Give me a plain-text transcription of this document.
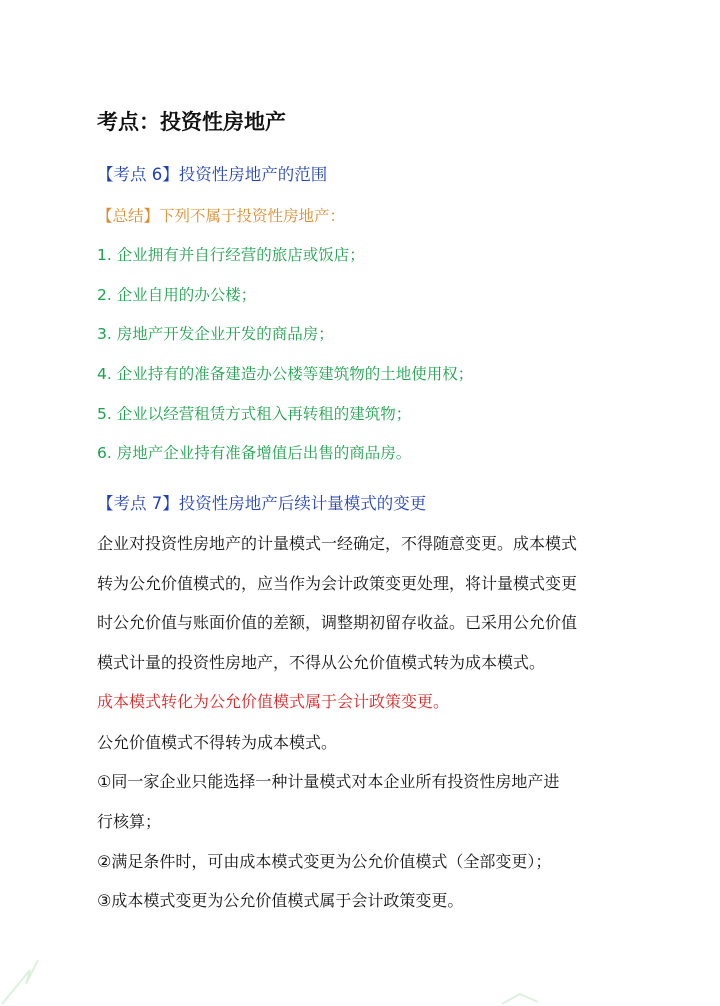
考点：投资性房地产
【考点 6】投资性房地产的范围
【总结】下列不属于投资性房地产：
1. 企业拥有并自行经营的旅店或饭店；
2. 企业自用的办公楼；
3. 房地产开发企业开发的商品房；
4. 企业持有的准备建造办公楼等建筑物的土地使用权；
5. 企业以经营租赁方式租入再转租的建筑物；
6. 房地产企业持有准备增值后出售的商品房。
【考点 7】投资性房地产后续计量模式的变更
企业对投资性房地产的计量模式一经确定，不得随意变更。成本模式
转为公允价值模式的，应当作为会计政策变更处理，将计量模式变更
时公允价值与账面价值的差额，调整期初留存收益。已采用公允价值
模式计量的投资性房地产，不得从公允价值模式转为成本模式。
成本模式转化为公允价值模式属于会计政策变更。
公允价值模式不得转为成本模式。
①同一家企业只能选择一种计量模式对本企业所有投资性房地产进
行核算；
②满足条件时，可由成本模式变更为公允价值模式（全部变更）；
③成本模式变更为公允价值模式属于会计政策变更。
